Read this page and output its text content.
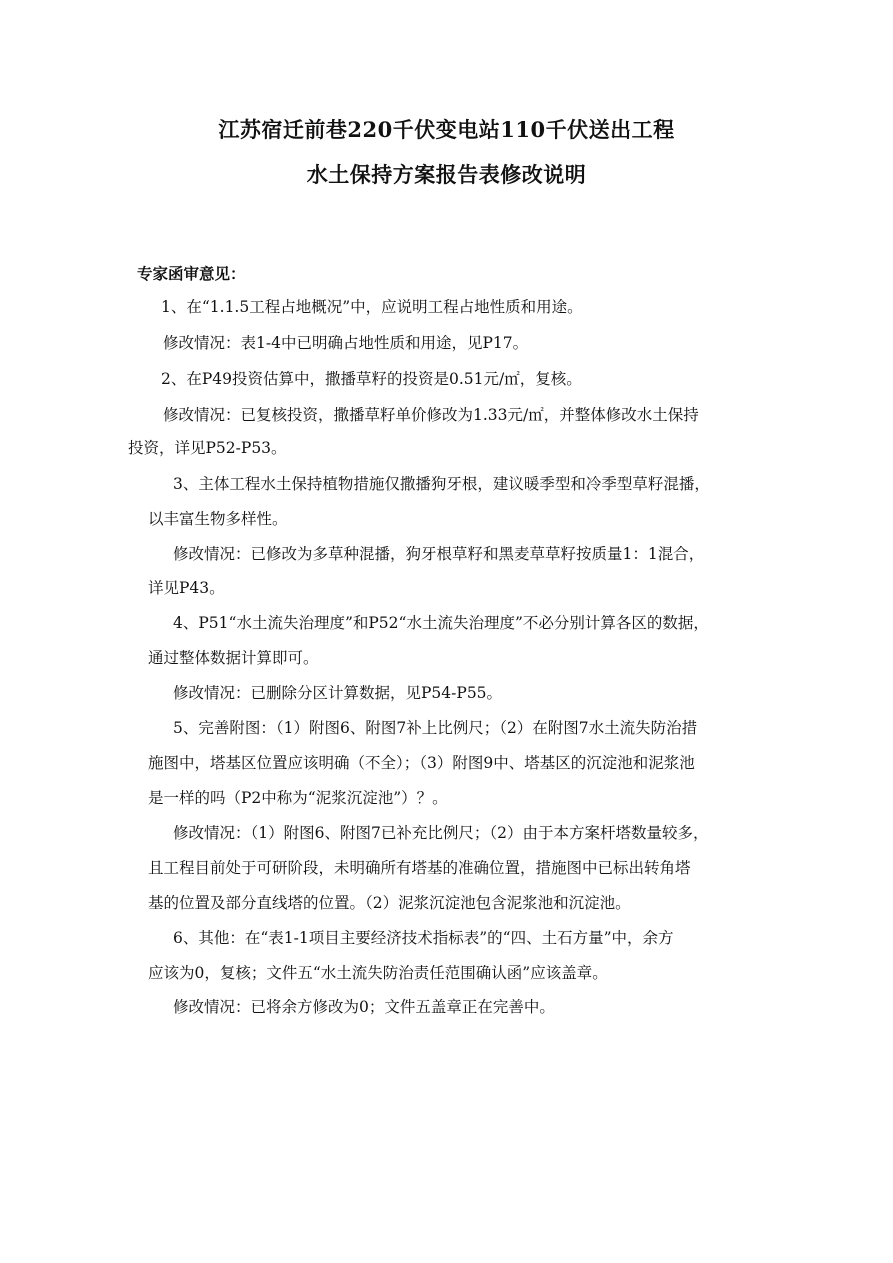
江苏宿迁前巷220千伏变电站110千伏送出工程
水土保持方案报告表修改说明
专家函审意见：
1、在“1.1.5工程占地概况”中，应说明工程占地性质和用途。
修改情况：表1-4中已明确占地性质和用途，见P17。
2、在P49投资估算中，撒播草籽的投资是0.51元/㎡，复核。
修改情况：已复核投资，撒播草籽单价修改为1.33元/㎡，并整体修改水土保持
投资，详见P52-P53。
3、主体工程水土保持植物措施仅撒播狗牙根，建议暖季型和冷季型草籽混播，
以丰富生物多样性。
修改情况：已修改为多草种混播，狗牙根草籽和黑麦草草籽按质量1：1混合，
详见P43。
4、P51“水土流失治理度”和P52“水土流失治理度”不必分别计算各区的数据，
通过整体数据计算即可。
修改情况：已删除分区计算数据，见P54-P55。
5、完善附图：（1）附图6、附图7补上比例尺；（2）在附图7水土流失防治措
施图中，塔基区位置应该明确（不全）；（3）附图9中、塔基区的沉淀池和泥浆池
是一样的吗（P2中称为“泥浆沉淀池”）？。
修改情况：（1）附图6、附图7已补充比例尺；（2）由于本方案杆塔数量较多，
且工程目前处于可研阶段，未明确所有塔基的准确位置，措施图中已标出转角塔
基的位置及部分直线塔的位置。（2）泥浆沉淀池包含泥浆池和沉淀池。
6、其他：在“表1-1项目主要经济技术指标表”的“四、土石方量”中，余方
应该为0，复核；文件五“水土流失防治责任范围确认函”应该盖章。
修改情况：已将余方修改为0；文件五盖章正在完善中。
